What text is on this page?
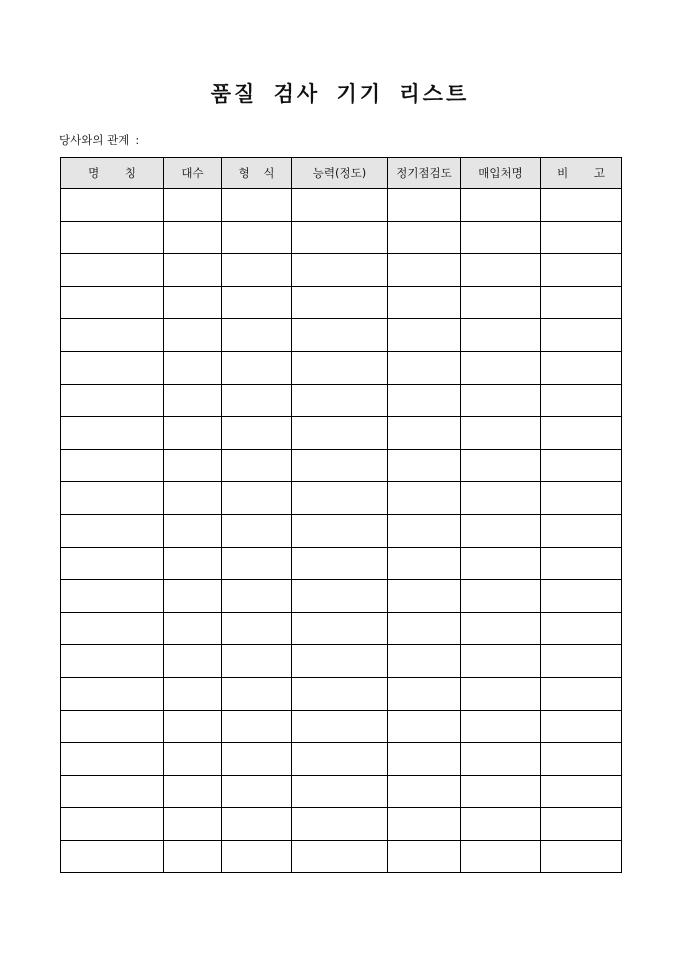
품질 검사 기기 리스트
당사와의 관계 :
명 칭	대수	형 식	능력(정도)	정기점검도	매입처명	비 고
